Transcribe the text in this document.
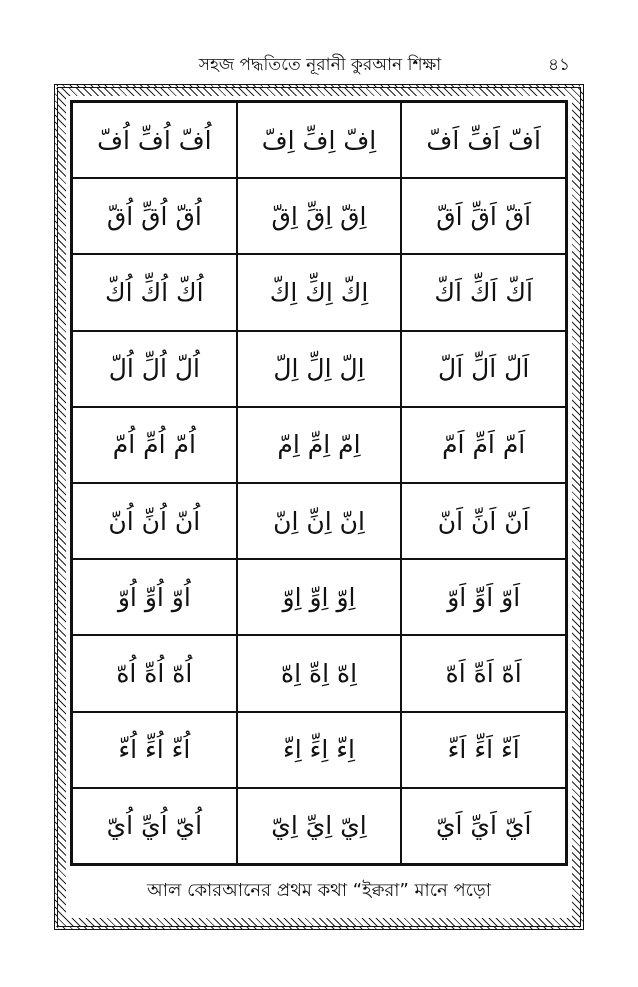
সহজ পদ্ধতিতে নূরানী কুরআন শিক্ষা	৪১
اُفّ اُفِّ اُفّ	اِفّ اِفِّ اِفّ	اَفّ اَفِّ اَفّ
اُقّ اُقِّ اُقّ	اِقّ اِقِّ اِقّ	اَقّ اَقِّ اَقّ
اُكّ اُكِّ اُكّ	اِكّ اِكِّ اِكّ	اَكّ اَكِّ اَكّ
اُلّ اُلِّ اُلّ	اِلّ اِلِّ اِلّ	اَلّ اَلِّ اَلّ
اُمّ اُمِّ اُمّ	اِمّ اِمِّ اِمّ	اَمّ اَمِّ اَمّ
اُنّ اُنِّ اُنّ	اِنّ اِنِّ اِنّ	اَنّ اَنِّ اَنّ
اُوّ اُوِّ اُوّ	اِوّ اِوِّ اِوّ	اَوّ اَوِّ اَوّ
اُهّ اُهِّ اُهّ	اِهّ اِهِّ اِهّ	اَهّ اَهِّ اَهّ
اُءّ اُءِّ اُءّ	اِءّ اِءِّ اِءّ	اَءّ اَءِّ اَءّ
اُيّ اُيِّ اُيّ	اِيّ اِيِّ اِيّ	اَيّ اَيِّ اَيّ
আল কোরআনের প্রথম কথা “ইক্বরা” মানে পড়ো
